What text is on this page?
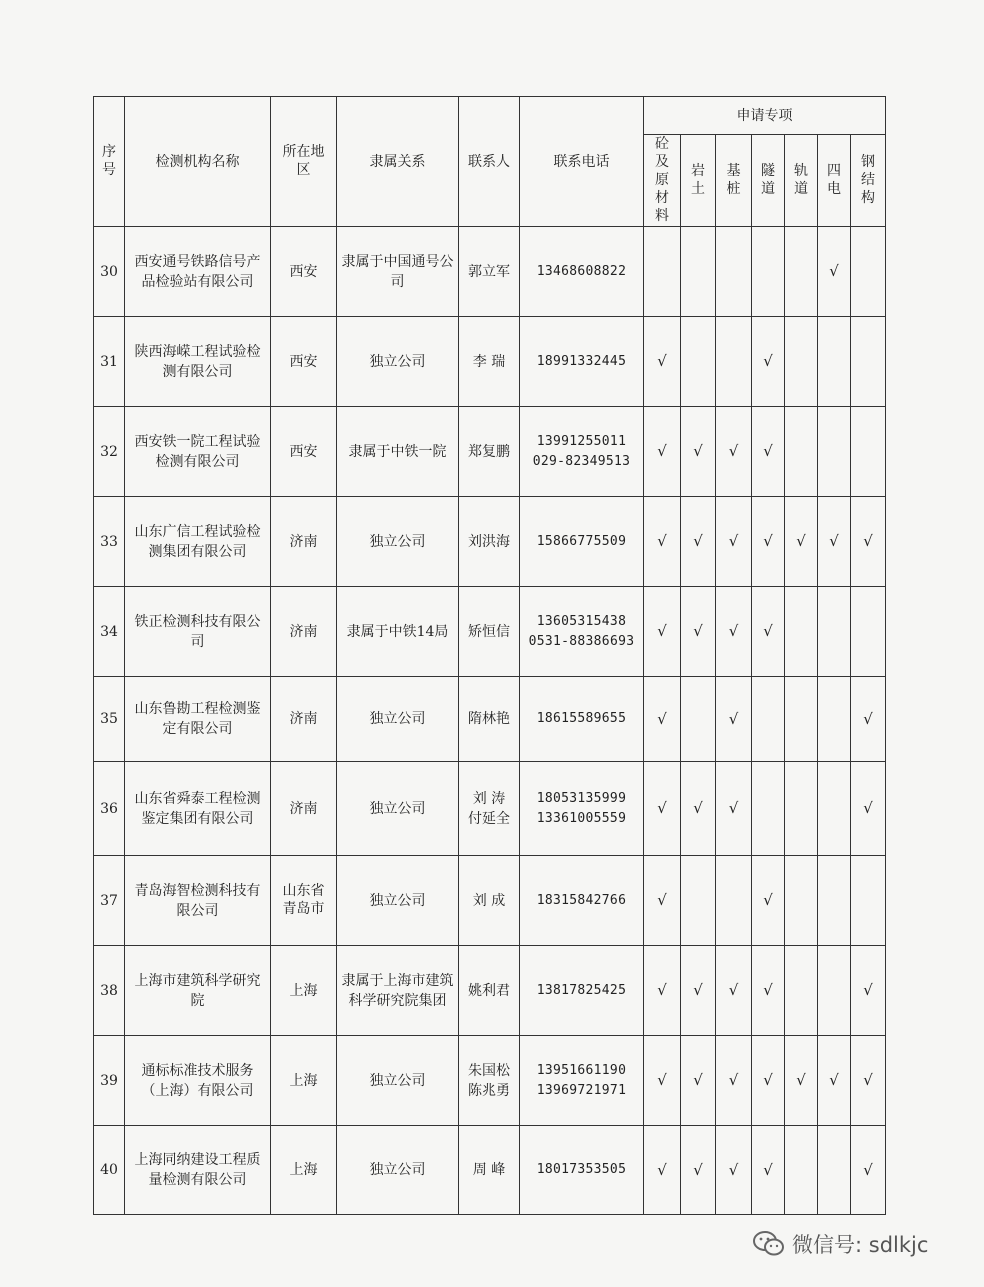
序号	检测机构名称	所在地区	隶属关系	联系人	联系电话	申请专项						
						砼及原材料	岩土	基桩	隧道	轨道	四电	钢结构
30	西安通号铁路信号产品检验站有限公司	西安	隶属于中国通号公司	郭立军	13468608822						√	
31	陕西海嵘工程试验检测有限公司	西安	独立公司	李 瑞	18991332445	√			√			
32	西安铁一院工程试验检测有限公司	西安	隶属于中铁一院	郑复鹏	13991255011
029-82349513	√	√	√	√			
33	山东广信工程试验检测集团有限公司	济南	独立公司	刘洪海	15866775509	√	√	√	√	√	√	√
34	铁正检测科技有限公司	济南	隶属于中铁14局	矫恒信	13605315438
0531-88386693	√	√	√	√			
35	山东鲁勘工程检测鉴定有限公司	济南	独立公司	隋林艳	18615589655	√		√				√
36	山东省舜泰工程检测鉴定集团有限公司	济南	独立公司	刘 涛
付延全	18053135999
13361005559	√	√	√				√
37	青岛海智检测科技有限公司	山东省青岛市	独立公司	刘 成	18315842766	√			√			
38	上海市建筑科学研究院	上海	隶属于上海市建筑科学研究院集团	姚利君	13817825425	√	√	√	√			√
39	通标标准技术服务（上海）有限公司	上海	独立公司	朱国松
陈兆勇	13951661190
13969721971	√	√	√	√	√	√	√
40	上海同纳建设工程质量检测有限公司	上海	独立公司	周 峰	18017353505	√	√	√	√			√
微信号: sdlkjc
